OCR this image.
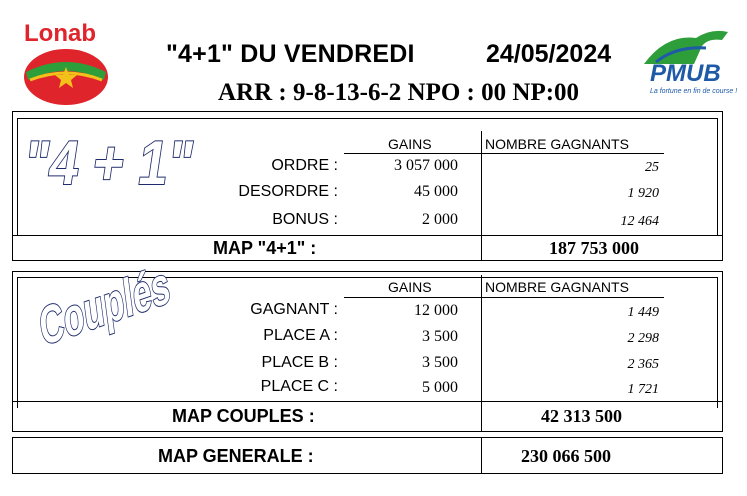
Lonab
PMUB
La fortune en fin de course !
"4+1" DU VENDREDI	24/05/2024
ARR : 9-8-13-6-2 NPO : 00 NP:00
"4 + 1"	GAINS	NOMBRE GAGNANTS
ORDRE :	3 057 000	25
DESORDRE :	45 000	1 920
BONUS :	2 000	12 464
MAP "4+1" :	187 753 000
Couplés	GAINS	NOMBRE GAGNANTS
GAGNANT :	12 000	1 449
PLACE A :	3 500	2 298
PLACE B :	3 500	2 365
PLACE C :	5 000	1 721
MAP COUPLES :	42 313 500
MAP GENERALE :	230 066 500
